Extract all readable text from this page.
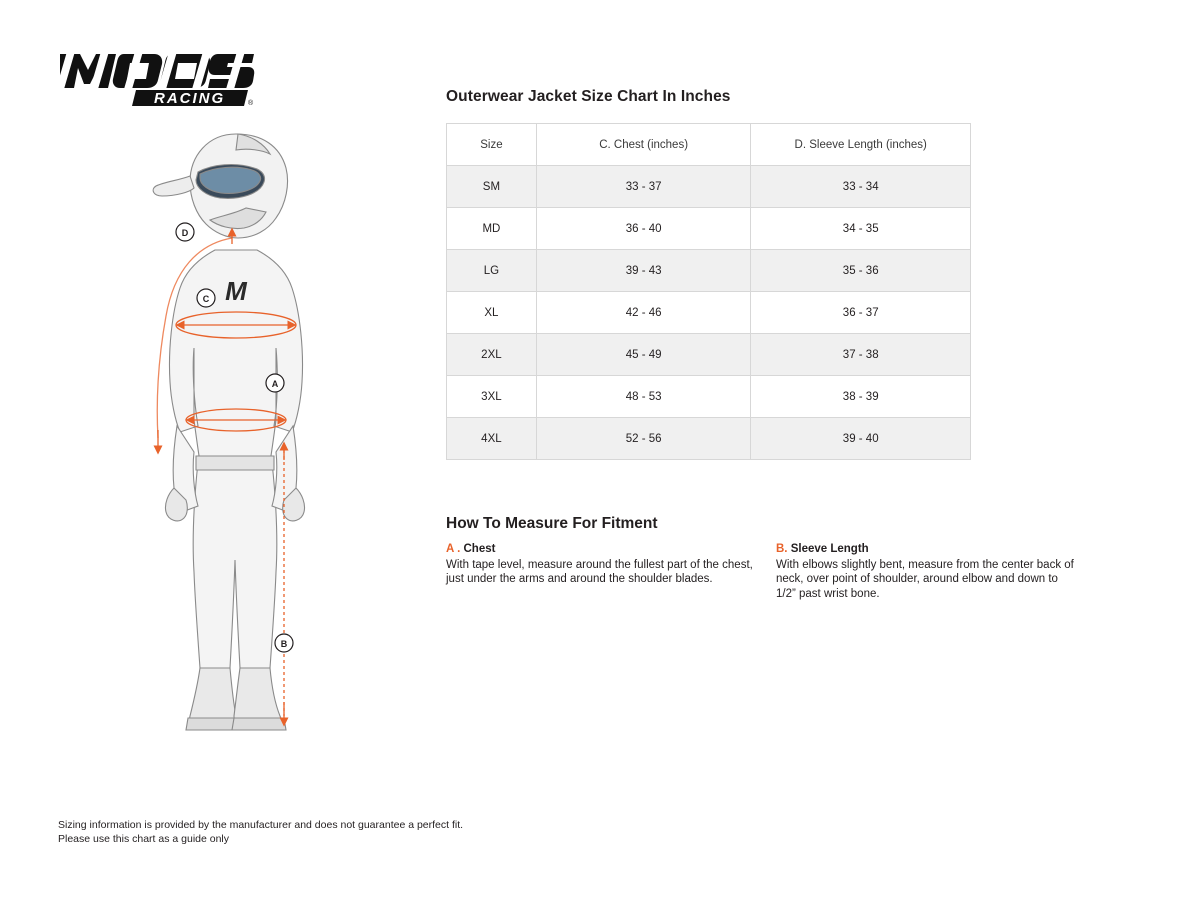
RACING	®
D
C
A
B
M
Outerwear Jacket Size Chart In Inches
Size	C. Chest (inches)	D. Sleeve Length (inches)
SM	33 - 37	33 - 34
MD	36 - 40	34 - 35
LG	39 - 43	35 - 36
XL	42 - 46	36 - 37
2XL	45 - 49	37 - 38
3XL	48 - 53	38 - 39
4XL	52 - 56	39 - 40
How To Measure For Fitment
A . Chest
With tape level, measure around the fullest part of the chest, just under the arms and around the shoulder blades.
B. Sleeve Length
With elbows slightly bent, measure from the center back of neck, over point of shoulder, around elbow and down to 1/2” past wrist bone.
Sizing information is provided by the manufacturer and does not guarantee a perfect fit.
Please use this chart as a guide only
